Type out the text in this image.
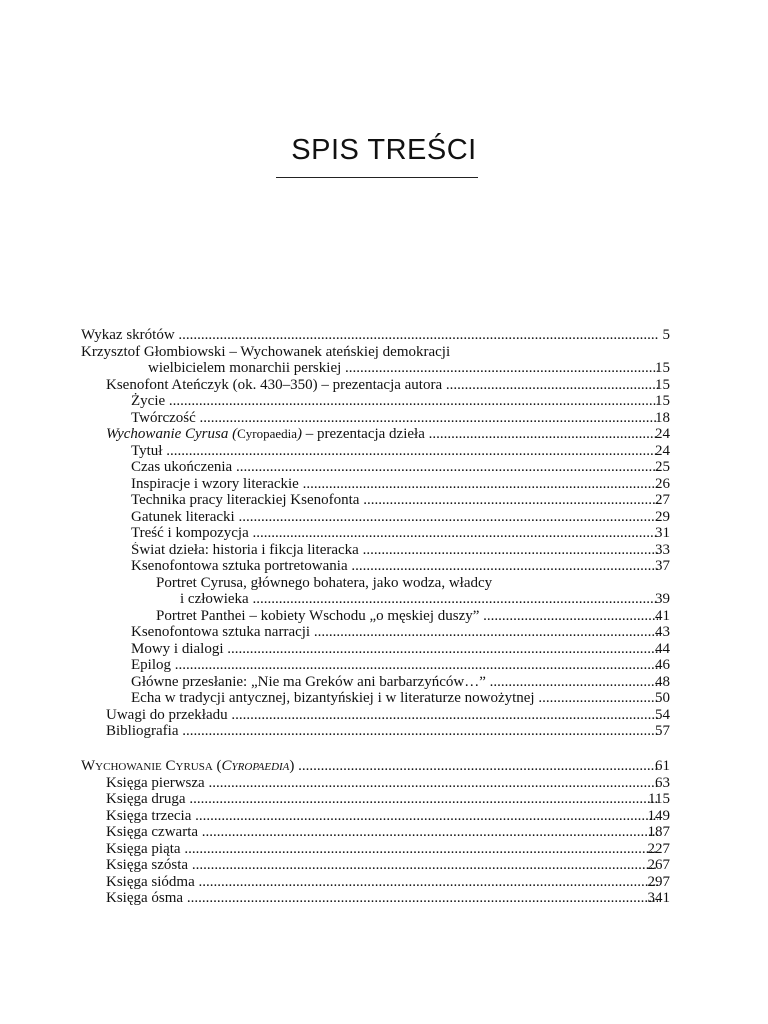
SPIS TREŚCI
Wykaz skrótów .....	5
Krzysztof Głombiowski – Wychowanek ateńskiej demokracji
wielbicielem monarchii perskiej .....	15
Ksenofont Ateńczyk (ok. 430–350) – prezentacja autora .....	15
Życie .....	15
Twórczość .....	18
Wychowanie Cyrusa (Cyropaedia) – prezentacja dzieła .....	24
Tytuł .....	24
Czas ukończenia .....	25
Inspiracje i wzory literackie .....	26
Technika pracy literackiej Ksenofonta .....	27
Gatunek literacki .....	29
Treść i kompozycja .....	31
Świat dzieła: historia i fikcja literacka .....	33
Ksenofontowa sztuka portretowania .....	37
Portret Cyrusa, głównego bohatera, jako wodza, władcy
i człowieka .....	39
Portret Panthei – kobiety Wschodu „o męskiej duszy” .....	41
Ksenofontowa sztuka narracji .....	43
Mowy i dialogi .....	44
Epilog .....	46
Główne przesłanie: „Nie ma Greków ani barbarzyńców…” .....	48
Echa w tradycji antycznej, bizantyńskiej i w literaturze nowożytnej .....	50
Uwagi do przekładu .....	54
Bibliografia .....	57
Wychowanie Cyrusa (Cyropaedia) .....	61
Księga pierwsza .....	63
Księga druga .....	115
Księga trzecia .....	149
Księga czwarta .....	187
Księga piąta .....	227
Księga szósta .....	267
Księga siódma .....	297
Księga ósma .....	341
